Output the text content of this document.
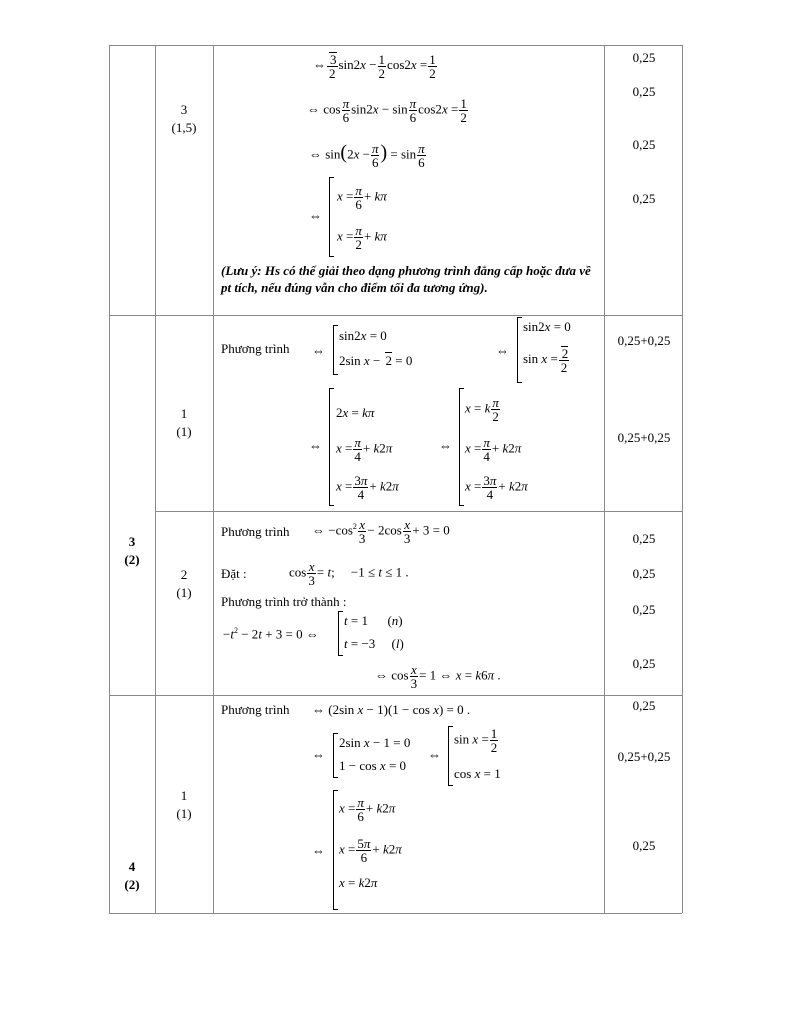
3
(2)
4
(2)
3
(1,5)
1
(1)
2
(1)
1
(1)
0,25
0,25
0,25
0,25
0,25+0,25
0,25+0,25
0,25
0,25
0,25
0,25
0,25
0,25+0,25
0,25
⇔ $\frac{3}{2} \sin 2x - \frac{1}{2} \cos 2x = \frac{1}{2}$
⇔ $\cos \frac{\pi}{6} \sin 2x - \sin \frac{\pi}{6} \cos 2x = \frac{1}{2}$
⇔ $\sin(2x - \frac{\pi}{6}$ ) = $\sin \frac{\pi}{6}$
⇔
$x = \frac{\pi}{6} + k\pi$
$x = \frac{\pi}{2} + k\pi$
(Lưu ý: Hs có thể giải theo dạng phương trình đẳng cấp hoặc đưa về pt tích, nếu đúng vẫn cho điểm tối đa tương ứng).
Phương trình ⇔
sin2x = 0
2sin x − 2 = 0
⇔
sin2x = 0
$\sin x = \frac{2}{2}$
⇔
2x = kπ
$x = \frac{\pi}{4} + k2\pi$
$x = \frac{3\pi}{4} + k2\pi$
⇔
x = k $\frac{\pi}{2}$
$x = \frac{\pi}{4} + k2\pi$
$x = \frac{3\pi}{4} + k2\pi$
Phương trình ⇔ $-\cos^2 \frac{x}{3} - 2\cos \frac{x}{3} + 3 = 0$
Đặt :	$\cos \frac{x}{3} = t$;     −1 ≤ t ≤ 1 .
Phương trình trở thành :
$-t^2 - 2t + 3 = 0$ ⇔
t = 1      (n)
t = −3     (l)
⇔ $\cos \frac{x}{3} = 1$ ⇔ x = k6π .
Phương trình ⇔ (2sin x − 1)(1 − cos x) = 0 .
⇔
2sin x − 1 = 0
1 − cos x = 0
⇔
$\sin x = \frac{1}{2}$
cos x = 1
⇔
$x = \frac{\pi}{6} + k2\pi$
$x = \frac{5\pi}{6} + k2\pi$
x = k2π
